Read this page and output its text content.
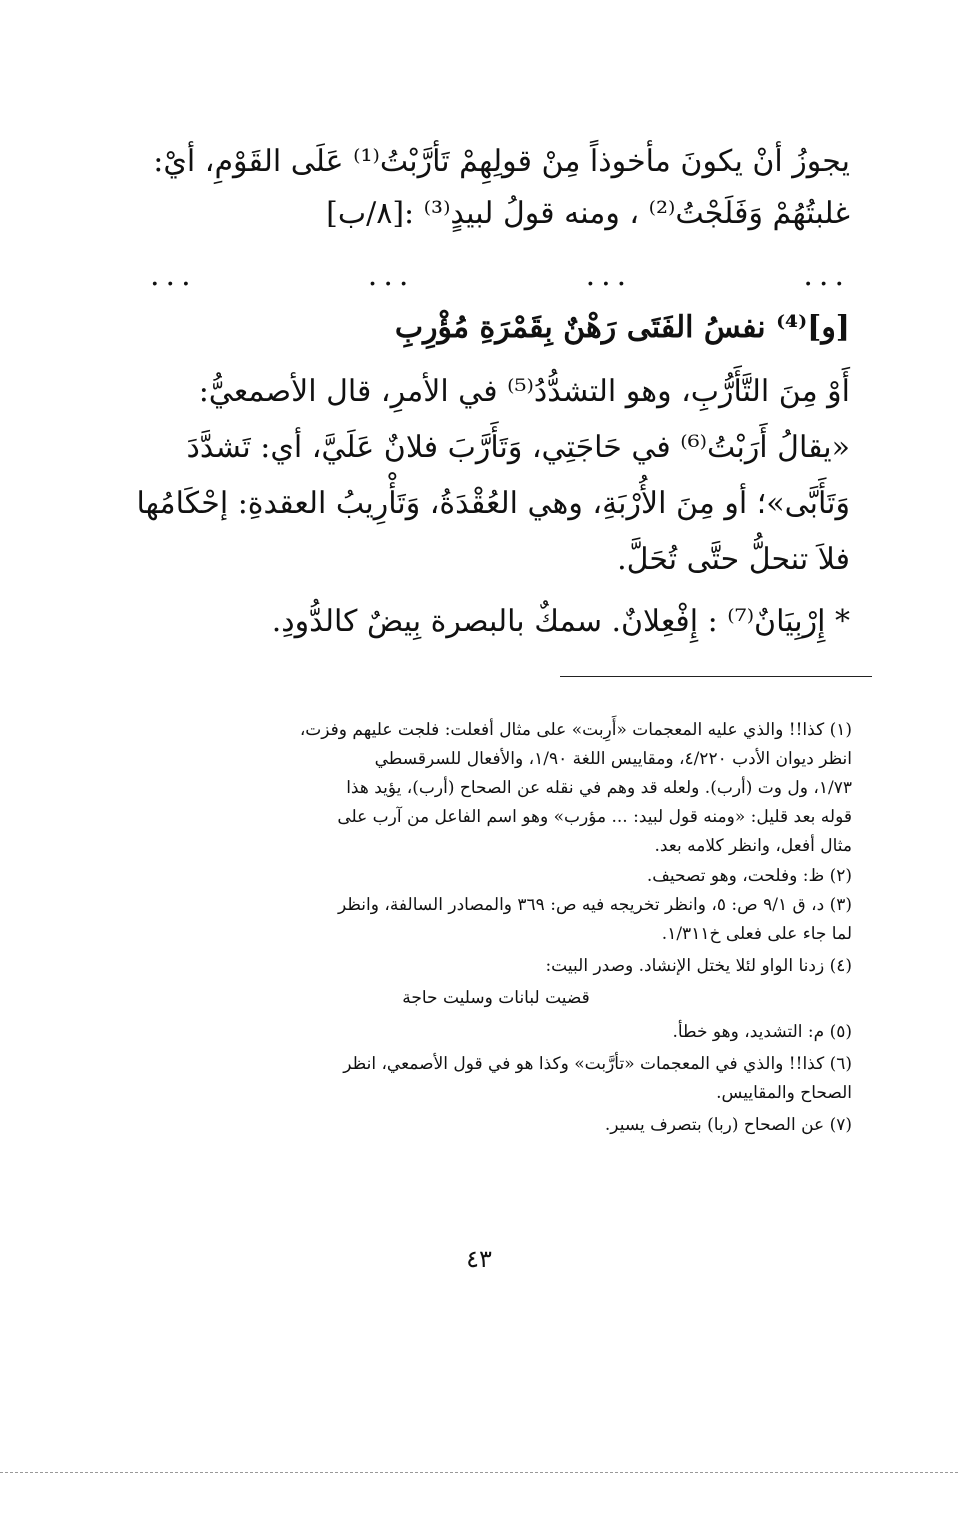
يجوزُ أنْ يكونَ مأخوذاً مِنْ قولِهِمْ تَأرَّبْتُ⁽¹⁾ عَلَى القَوْمِ، أيْ:
غلبتُهُمْ وَفَلَجْتُ⁽²⁾ ، ومنه قولُ لبيدٍ⁽³⁾ :[٨/ب]
...	...	...	...
[و]⁽⁴⁾ نفسُ الفَتَى رَهْنٌ بِقَمْرَةِ مُؤْرِبِ
أَوْ مِنَ التَّأَرُّبِ، وهو التشدُّدُ⁽⁵⁾ في الأمرِ، قال الأصمعيُّ:
«يقالُ أَرَبْتُ⁽⁶⁾ في حَاجَتِي، وَتَأَرَّبَ فلانٌ عَلَيَّ، أي: تَشدَّدَ
وَتَأَبَّى»؛ أو مِنَ الأُرْبَةِ، وهي العُقْدَةُ، وَتَأْرِيبُ العقدةِ: إحْكَامُها
فلاَ تنحلُّ حتَّى تُحَلَّ.
* إِرْبِيَانٌ⁽⁷⁾ : إِفْعِلانٌ. سمكٌ بالبصرة بِيضٌ كالدُّودِ.
(١) كذا!! والذي عليه المعجمات «أَرِبت» على مثال أفعلت: فلجت عليهم وفزت،
انظر ديوان الأدب ٤/٢٢٠، ومقاييس اللغة ١/٩٠، والأفعال للسرقسطي
١/٧٣، ول وت (أرب). ولعله قد وهم في نقله عن الصحاح (أرب)، يؤيد هذا
قوله بعد قليل: «ومنه قول لبيد: ... مؤرب» وهو اسم الفاعل من آرب على
مثال أفعل، وانظر كلامه بعد.
(٢) ظ: وفلحت، وهو تصحيف.
(٣) د، ق ٩/١ ص: ٥، وانظر تخريجه فيه ص: ٣٦٩ والمصادر السالفة، وانظر
لما جاء على فعلى خ١/٣١١.
(٤) زدنا الواو لئلا يختل الإنشاد. وصدر البيت:
قضيت لبانات وسليت حاجة
(٥) م: التشديد، وهو خطأ.
(٦) كذا!! والذي في المعجمات «تأرَّبت» وكذا هو في قول الأصمعي، انظر
الصحاح والمقاييس.
(٧) عن الصحاح (ربا) بتصرف يسير.
٤٣
